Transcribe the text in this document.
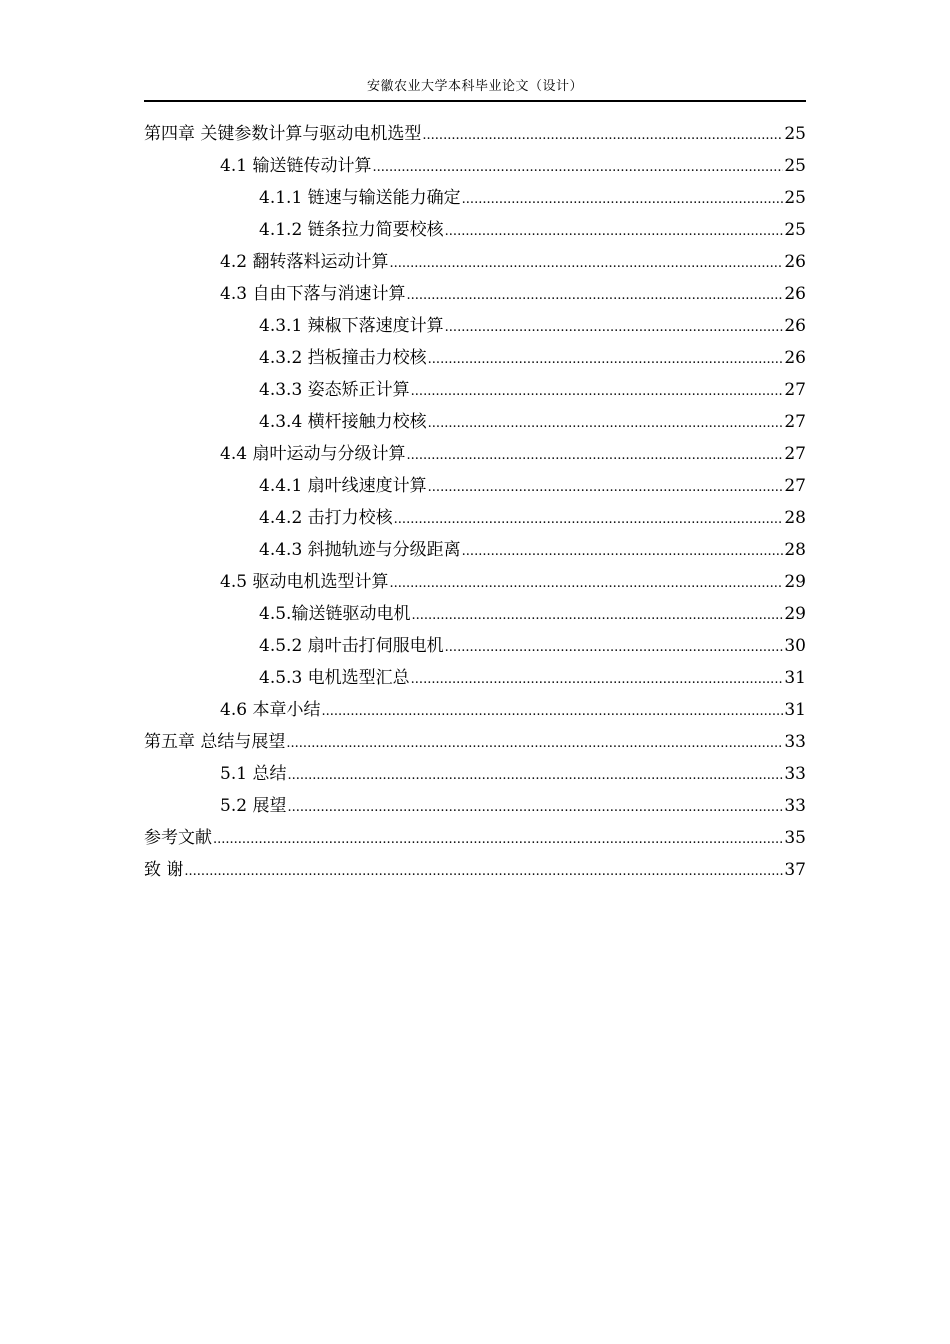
安徽农业大学本科毕业论文（设计）
第四章 关键参数计算与驱动电机选型 .....	25
4.1 输送链传动计算 .....	25
4.1.1 链速与输送能力确定 .....	25
4.1.2 链条拉力简要校核 .....	25
4.2 翻转落料运动计算 .....	26
4.3 自由下落与消速计算 .....	26
4.3.1 辣椒下落速度计算 .....	26
4.3.2 挡板撞击力校核 .....	26
4.3.3 姿态矫正计算 .....	27
4.3.4 横杆接触力校核 .....	27
4.4 扇叶运动与分级计算 .....	27
4.4.1 扇叶线速度计算 .....	27
4.4.2 击打力校核 .....	28
4.4.3 斜抛轨迹与分级距离 .....	28
4.5 驱动电机选型计算 .....	29
4.5.输送链驱动电机 .....	29
4.5.2 扇叶击打伺服电机 .....	30
4.5.3 电机选型汇总 .....	31
4.6 本章小结 .....	31
第五章 总结与展望 .....	33
5.1 总结 .....	33
5.2 展望 .....	33
参考文献 .....	35
致 谢 .....	37
